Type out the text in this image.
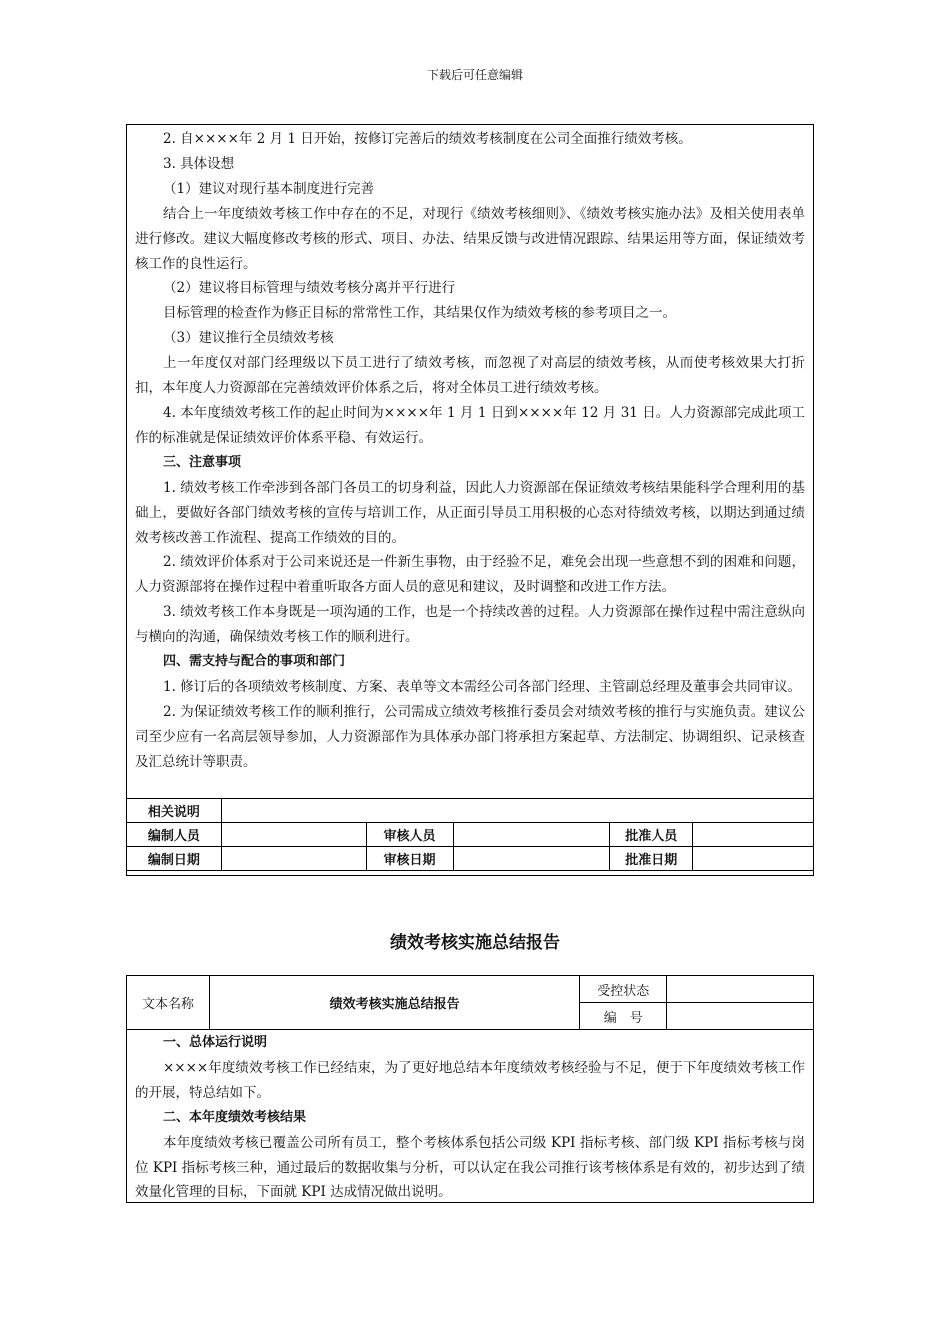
下载后可任意编辑

2. 自××××年 2 月 1 日开始，按修订完善后的绩效考核制度在公司全面推行绩效考核。

3. 具体设想

（1）建议对现行基本制度进行完善

结合上一年度绩效考核工作中存在的不足，对现行《绩效考核细则》、《绩效考核实施办法》及相关使用表单进行修改。建议大幅度修改考核的形式、项目、办法、结果反馈与改进情况跟踪、结果运用等方面，保证绩效考核工作的良性运行。

（2）建议将目标管理与绩效考核分离并平行进行

目标管理的检查作为修正目标的常常性工作，其结果仅作为绩效考核的参考项目之一。

（3）建议推行全员绩效考核

上一年度仅对部门经理级以下员工进行了绩效考核，而忽视了对高层的绩效考核，从而使考核效果大打折扣，本年度人力资源部在完善绩效评价体系之后，将对全体员工进行绩效考核。

4. 本年度绩效考核工作的起止时间为××××年 1 月 1 日到××××年 12 月 31 日。人力资源部完成此项工作的标准就是保证绩效评价体系平稳、有效运行。

三、注意事项

1. 绩效考核工作牵涉到各部门各员工的切身利益，因此人力资源部在保证绩效考核结果能科学合理利用的基础上，要做好各部门绩效考核的宣传与培训工作，从正面引导员工用积极的心态对待绩效考核，以期达到通过绩效考核改善工作流程、提高工作绩效的目的。

2. 绩效评价体系对于公司来说还是一件新生事物，由于经验不足，难免会出现一些意想不到的困难和问题，人力资源部将在操作过程中着重听取各方面人员的意见和建议，及时调整和改进工作方法。

3. 绩效考核工作本身既是一项沟通的工作，也是一个持续改善的过程。人力资源部在操作过程中需注意纵向与横向的沟通，确保绩效考核工作的顺利进行。

四、需支持与配合的事项和部门

1. 修订后的各项绩效考核制度、方案、表单等文本需经公司各部门经理、主管副总经理及董事会共同审议。

2. 为保证绩效考核工作的顺利推行，公司需成立绩效考核推行委员会对绩效考核的推行与实施负责。建议公司至少应有一名高层领导参加，人力资源部作为具体承办部门将承担方案起草、方法制定、协调组织、记录核查及汇总统计等职责。

相关说明					
编制人员		审核人员		批准人员	
编制日期		审核日期		批准日期	
绩效考核实施总结报告
文本名称	绩效考核实施总结报告	受控状态	
		编　号	

一、总体运行说明

××××年度绩效考核工作已经结束，为了更好地总结本年度绩效考核经验与不足，便于下年度绩效考核工作的开展，特总结如下。

二、本年度绩效考核结果

本年度绩效考核已覆盖公司所有员工，整个考核体系包括公司级 KPI 指标考核、部门级 KPI 指标考核与岗位 KPI 指标考核三种，通过最后的数据收集与分析，可以认定在我公司推行该考核体系是有效的，初步达到了绩效量化管理的目标，下面就 KPI 达成情况做出说明。
